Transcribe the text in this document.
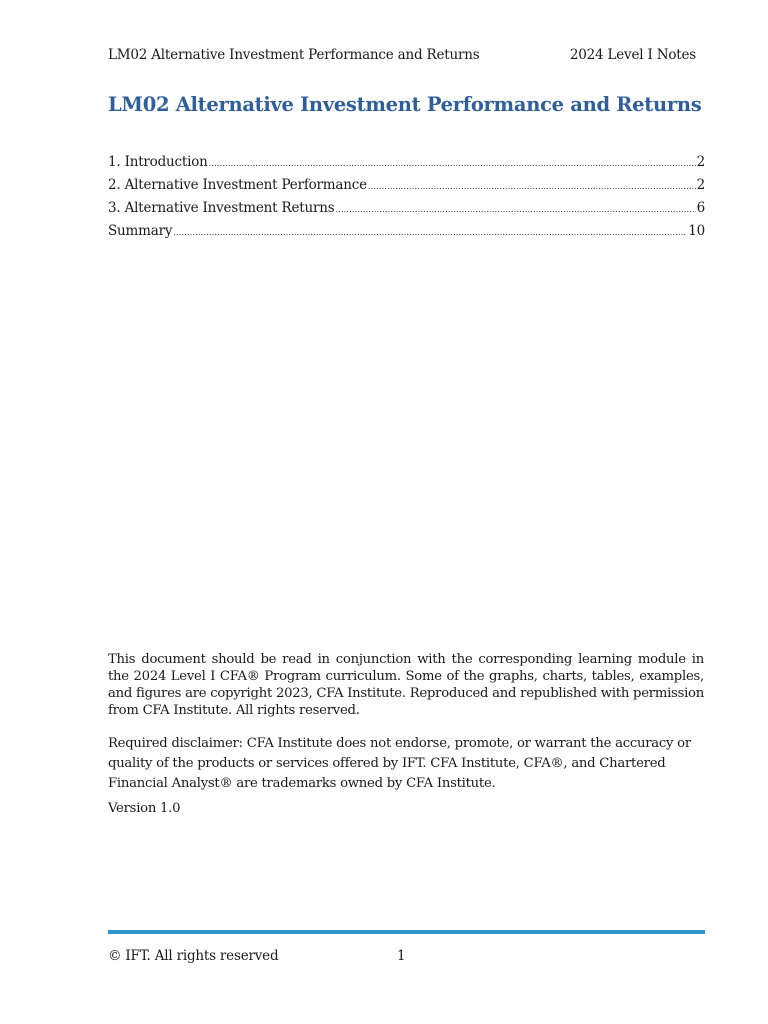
LM02 Alternative Investment Performance and Returns	2024 Level I Notes
LM02 Alternative Investment Performance and Returns
1. Introduction .....	2
2. Alternative Investment Performance .....	2
3. Alternative Investment Returns .....	6
Summary .....	10

This document should be read in conjunction with the corresponding learning module in the 2024 Level I CFA® Program curriculum. Some of the graphs, charts, tables, examples, and figures are copyright 2023, CFA Institute. Reproduced and republished with permission from CFA Institute. All rights reserved.

Required disclaimer: CFA Institute does not endorse, promote, or warrant the accuracy or quality of the products or services offered by IFT. CFA Institute, CFA®, and Chartered Financial Analyst® are trademarks owned by CFA Institute.

Version 1.0

© IFT. All rights reserved	1
